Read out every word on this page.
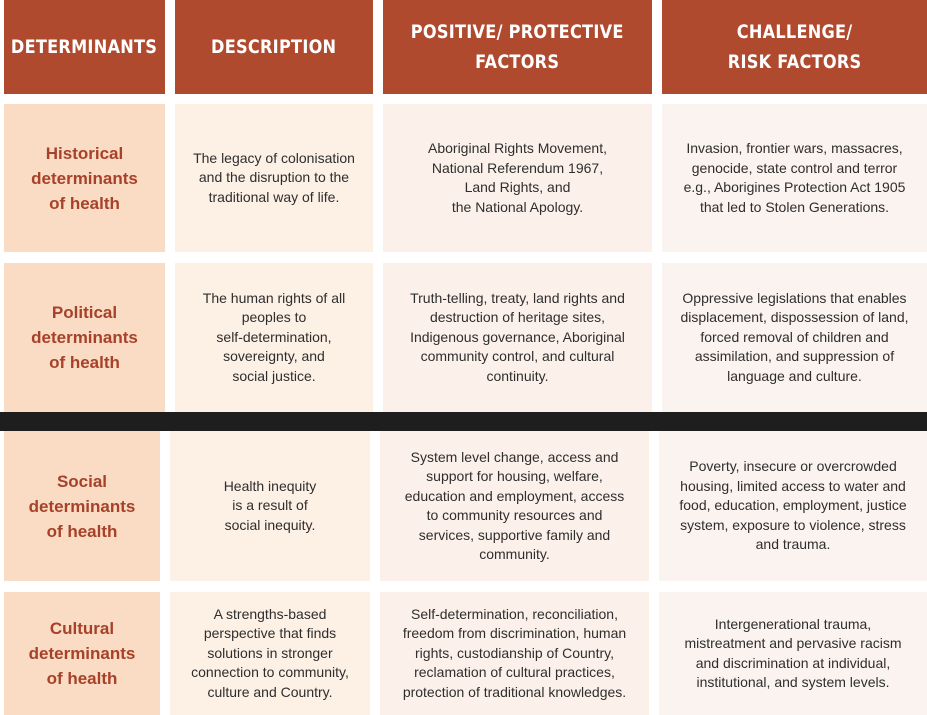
DETERMINANTS	DESCRIPTION
POSITIVE/ PROTECTIVE
FACTORS
CHALLENGE/
RISK FACTORS
Historical
determinants
of health
The legacy of colonisation
and the disruption to the
traditional way of life.
Aboriginal Rights Movement,
National Referendum 1967,
Land Rights, and
the National Apology.
Invasion, frontier wars, massacres,
genocide, state control and terror
e.g., Aborigines Protection Act 1905
that led to Stolen Generations.
Political
determinants
of health
The human rights of all
peoples to
self-determination,
sovereignty, and
social justice.
Truth-telling, treaty, land rights and
destruction of heritage sites,
Indigenous governance, Aboriginal
community control, and cultural
continuity.
Oppressive legislations that enables
displacement, dispossession of land,
forced removal of children and
assimilation, and suppression of
language and culture.
Social
determinants
of health
Health inequity
is a result of
social inequity.
System level change, access and
support for housing, welfare,
education and employment, access
to community resources and
services, supportive family and
community.
Poverty, insecure or overcrowded
housing, limited access to water and
food, education, employment, justice
system, exposure to violence, stress
and trauma.
Cultural
determinants
of health
A strengths-based
perspective that finds
solutions in stronger
connection to community,
culture and Country.
Self-determination, reconciliation,
freedom from discrimination, human
rights, custodianship of Country,
reclamation of cultural practices,
protection of traditional knowledges.
Intergenerational trauma,
mistreatment and pervasive racism
and discrimination at individual,
institutional, and system levels.
